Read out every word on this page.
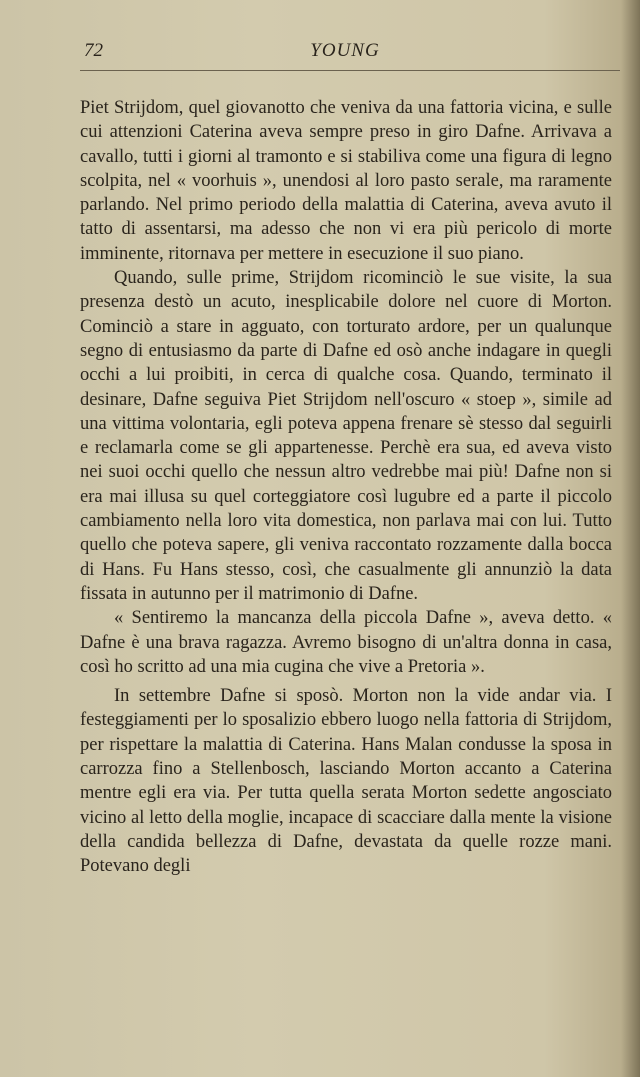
72	YOUNG

Piet Strijdom, quel giovanotto che veniva da una fattoria vicina, e sulle cui attenzioni Caterina aveva sempre preso in giro Dafne. Arrivava a cavallo, tutti i giorni al tramonto e si stabiliva come una figura di legno scolpita, nel « voorhuis », unendosi al loro pasto serale, ma raramente parlando. Nel primo periodo della malattia di Caterina, aveva avuto il tatto di assentarsi, ma adesso che non vi era più pericolo di morte imminente, ritornava per mettere in esecuzione il suo piano.

Quando, sulle prime, Strijdom ricominciò le sue visite, la sua presenza destò un acuto, inesplicabile dolore nel cuore di Morton. Cominciò a stare in agguato, con torturato ardore, per un qualunque segno di entusiasmo da parte di Dafne ed osò anche indagare in quegli occhi a lui proibiti, in cerca di qualche cosa. Quando, terminato il desinare, Dafne seguiva Piet Strijdom nell'oscuro « stoep », simile ad una vittima volontaria, egli poteva appena frenare sè stesso dal seguirli e reclamarla come se gli appartenesse. Perchè era sua, ed aveva visto nei suoi occhi quello che nessun altro vedrebbe mai più! Dafne non si era mai illusa su quel corteggiatore così lugubre ed a parte il piccolo cambiamento nella loro vita domestica, non parlava mai con lui. Tutto quello che poteva sapere, gli veniva raccontato rozzamente dalla bocca di Hans. Fu Hans stesso, così, che casualmente gli annunziò la data fissata in autunno per il matrimonio di Dafne.

« Sentiremo la mancanza della piccola Dafne », aveva detto. « Dafne è una brava ragazza. Avremo bisogno di un'altra donna in casa, così ho scritto ad una mia cugina che vive a Pretoria ».

In settembre Dafne si sposò. Morton non la vide andar via. I festeggiamenti per lo sposalizio ebbero luogo nella fattoria di Strijdom, per rispettare la malattia di Caterina. Hans Malan condusse la sposa in carrozza fino a Stellenbosch, lasciando Morton accanto a Caterina mentre egli era via. Per tutta quella serata Morton sedette angosciato vicino al letto della moglie, incapace di scacciare dalla mente la visione della candida bellezza di Dafne, devastata da quelle rozze mani. Potevano degli
